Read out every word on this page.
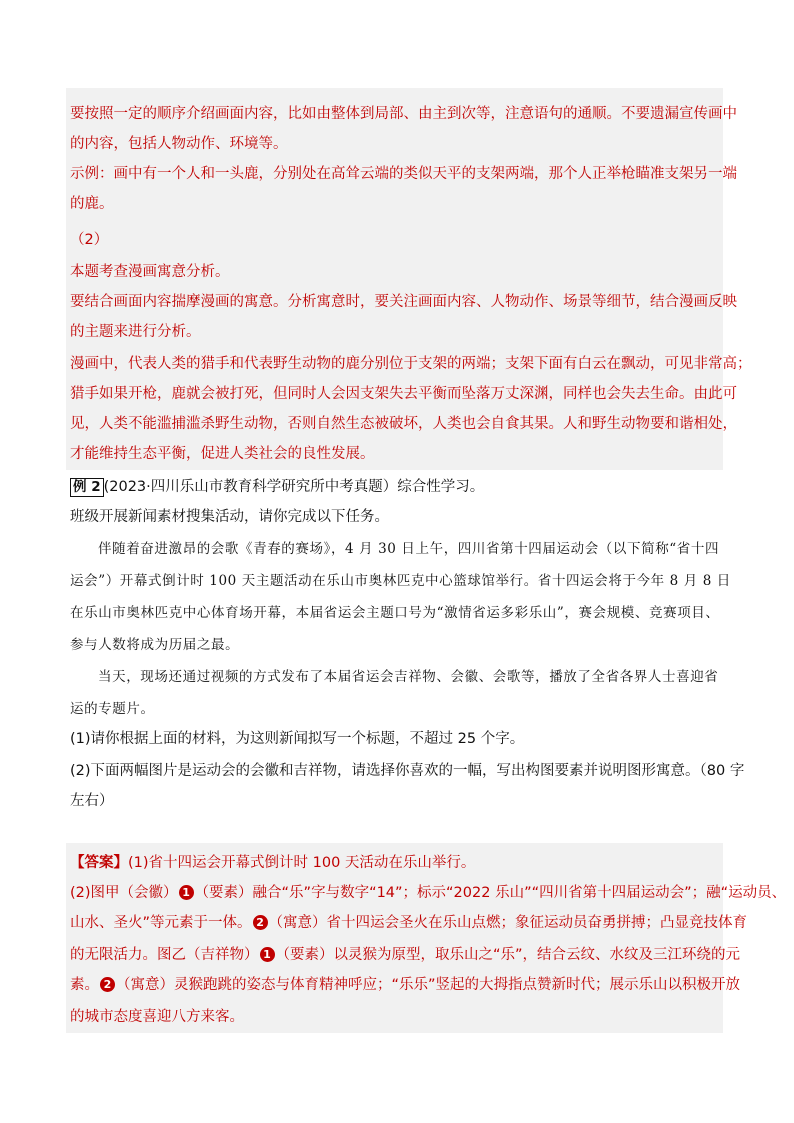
要按照一定的顺序介绍画面内容，比如由整体到局部、由主到次等，注意语句的通顺。不要遗漏宣传画中
的内容，包括人物动作、环境等。
示例：画中有一个人和一头鹿，分别处在高耸云端的类似天平的支架两端，那个人正举枪瞄准支架另一端
的鹿。
（2）
本题考查漫画寓意分析。
要结合画面内容揣摩漫画的寓意。分析寓意时，要关注画面内容、人物动作、场景等细节，结合漫画反映
的主题来进行分析。
漫画中，代表人类的猎手和代表野生动物的鹿分别位于支架的两端；支架下面有白云在飘动，可见非常高；
猎手如果开枪，鹿就会被打死，但同时人会因支架失去平衡而坠落万丈深渊，同样也会失去生命。由此可
见，人类不能滥捕滥杀野生动物，否则自然生态被破坏，人类也会自食其果。人和野生动物要和谐相处，
才能维持生态平衡，促进人类社会的良性发展。
例 2 (2023·四川乐山市教育科学研究所中考真题）综合性学习。
班级开展新闻素材搜集活动，请你完成以下任务。
伴随着奋进激昂的会歌《青春的赛场》，4 月 30 日上午，四川省第十四届运动会（以下简称“省十四
运会”）开幕式倒计时 100 天主题活动在乐山市奥林匹克中心篮球馆举行。省十四运会将于今年 8 月 8 日
在乐山市奥林匹克中心体育场开幕，本届省运会主题口号为“激情省运多彩乐山”，赛会规模、竞赛项目、
参与人数将成为历届之最。
当天，现场还通过视频的方式发布了本届省运会吉祥物、会徽、会歌等，播放了全省各界人士喜迎省
运的专题片。
(1)请你根据上面的材料，为这则新闻拟写一个标题，不超过 25 个字。
(2)下面两幅图片是运动会的会徽和吉祥物，请选择你喜欢的一幅，写出构图要素并说明图形寓意。（80 字
左右）
【答案】(1)省十四运会开幕式倒计时 100 天活动在乐山举行。
(2)图甲（会徽） 1 （要素）融合“乐”字与数字“14”；标示“2022 乐山”“四川省第十四届运动会”；融“运动员、
山水、圣火”等元素于一体。 2 （寓意）省十四运会圣火在乐山点燃；象征运动员奋勇拼搏；凸显竞技体育
的无限活力。图乙（吉祥物） 1 （要素）以灵猴为原型，取乐山之“乐”，结合云纹、水纹及三江环绕的元
素。 2 （寓意）灵猴跑跳的姿态与体育精神呼应；“乐乐”竖起的大拇指点赞新时代；展示乐山以积极开放
的城市态度喜迎八方来客。
